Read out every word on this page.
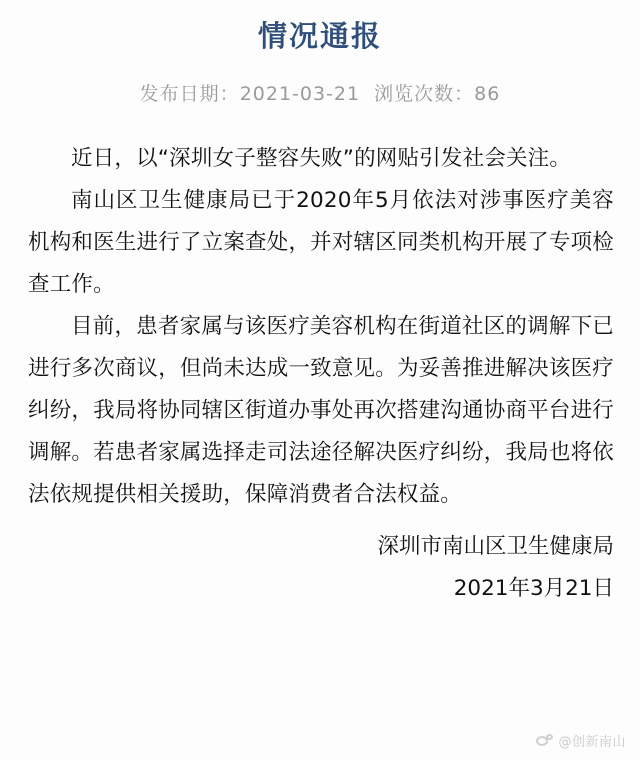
情况通报
发布日期：2021-03-21 浏览次数：86

近日，以“深圳女子整容失败”的网贴引发社会关注。

南山区卫生健康局已于2020年5月依法对涉事医疗美容机构和医生进行了立案查处，并对辖区同类机构开展了专项检查工作。

目前，患者家属与该医疗美容机构在街道社区的调解下已进行多次商议，但尚未达成一致意见。为妥善推进解决该医疗纠纷，我局将协同辖区街道办事处再次搭建沟通协商平台进行调解。若患者家属选择走司法途径解决医疗纠纷，我局也将依法依规提供相关援助，保障消费者合法权益。

深圳市南山区卫生健康局
2021年3月21日
@创新南山
